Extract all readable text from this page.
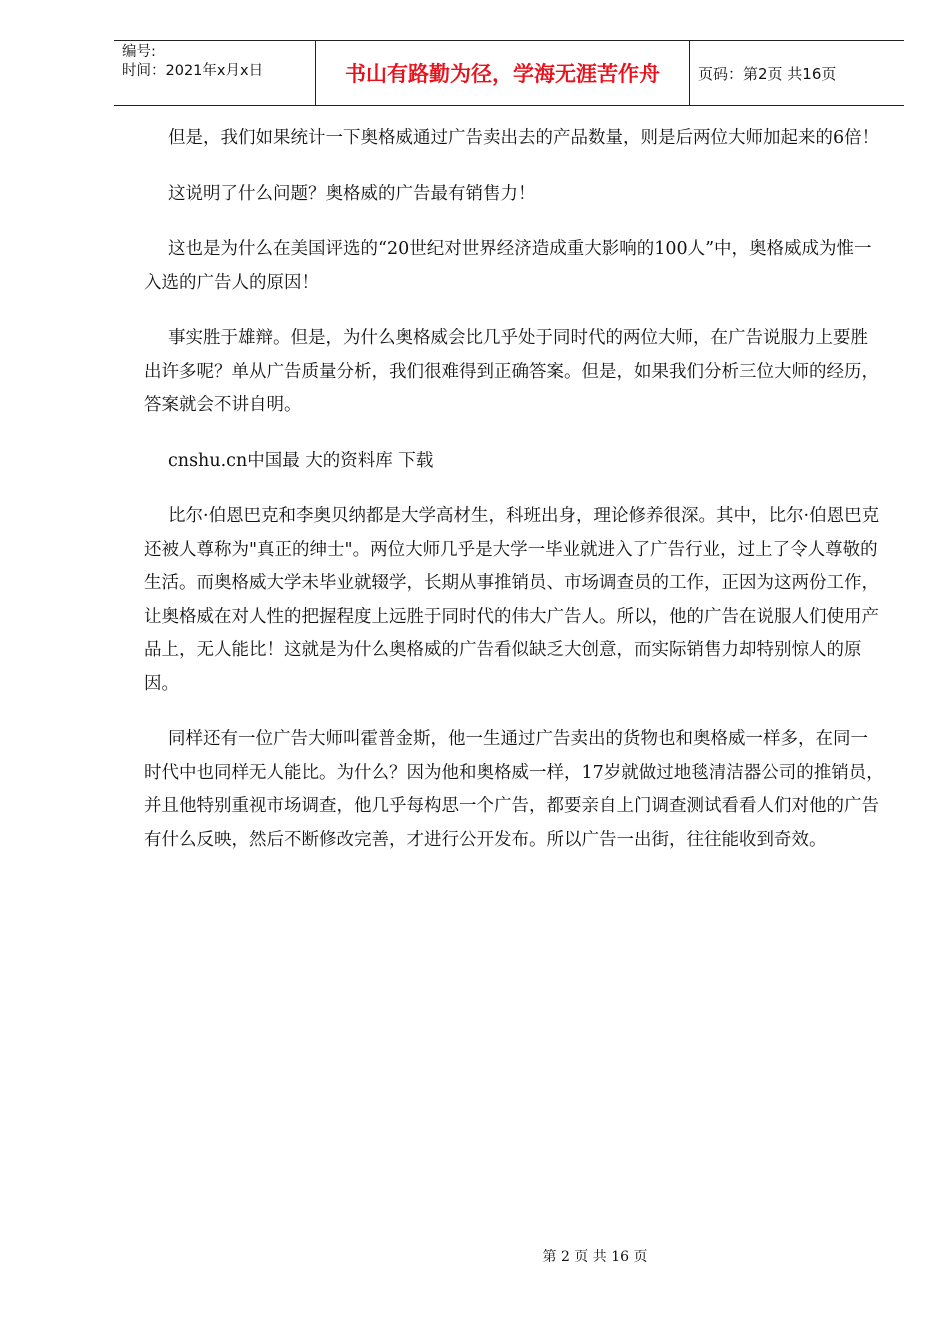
编号:
时间：2021年x月x日	书山有路勤为径，学海无涯苦作舟	页码：第2页 共16页

但是，我们如果统计一下奥格威通过广告卖出去的产品数量，则是后两位大师加起来的6倍！

这说明了什么问题？奥格威的广告最有销售力！

这也是为什么在美国评选的“20世纪对世界经济造成重大影响的100人”中，奥格威成为惟一入选的广告人的原因！

事实胜于雄辩。但是，为什么奥格威会比几乎处于同时代的两位大师，在广告说服力上要胜出许多呢？单从广告质量分析，我们很难得到正确答案。但是，如果我们分析三位大师的经历，答案就会不讲自明。

cnshu.cn中国最 大的资料库 下载

比尔·伯恩巴克和李奥贝纳都是大学高材生，科班出身，理论修养很深。其中，比尔·伯恩巴克还被人尊称为"真正的绅士"。两位大师几乎是大学一毕业就进入了广告行业，过上了令人尊敬的生活。而奥格威大学未毕业就辍学，长期从事推销员、市场调查员的工作，正因为这两份工作，让奥格威在对人性的把握程度上远胜于同时代的伟大广告人。所以，他的广告在说服人们使用产品上，无人能比！这就是为什么奥格威的广告看似缺乏大创意，而实际销售力却特别惊人的原因。

同样还有一位广告大师叫霍普金斯，他一生通过广告卖出的货物也和奥格威一样多，在同一时代中也同样无人能比。为什么？因为他和奥格威一样，17岁就做过地毯清洁器公司的推销员，并且他特别重视市场调查，他几乎每构思一个广告，都要亲自上门调查测试看看人们对他的广告有什么反映，然后不断修改完善，才进行公开发布。所以广告一出街，往往能收到奇效。

第 2 页 共 16 页
